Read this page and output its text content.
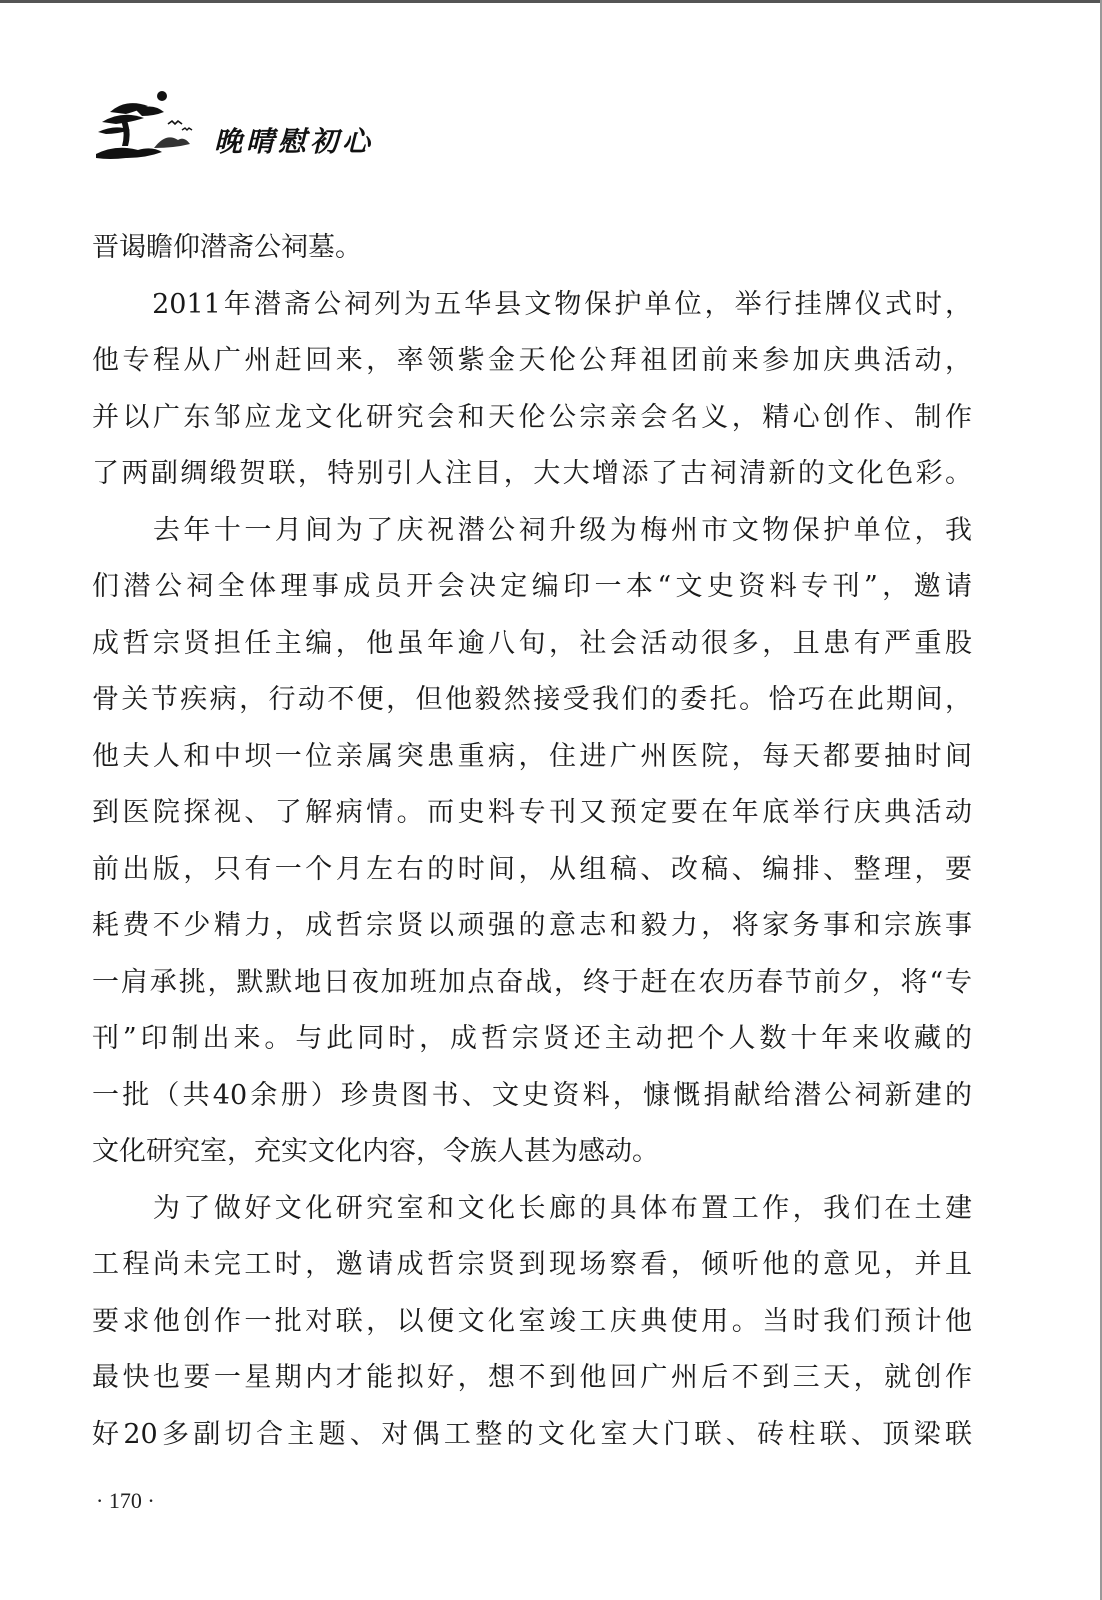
晚晴慰初心
晋谒瞻仰潜斋公祠墓。
　　2011年潜斋公祠列为五华县文物保护单位，举行挂牌仪式时，
他专程从广州赶回来，率领紫金天伦公拜祖团前来参加庆典活动，
并以广东邹应龙文化研究会和天伦公宗亲会名义，精心创作、制作
了两副绸缎贺联，特别引人注目，大大增添了古祠清新的文化色彩。
　　去年十一月间为了庆祝潜公祠升级为梅州市文物保护单位，我
们潜公祠全体理事成员开会决定编印一本“文史资料专刊”，邀请
成哲宗贤担任主编，他虽年逾八旬，社会活动很多，且患有严重股
骨关节疾病，行动不便，但他毅然接受我们的委托。恰巧在此期间，
他夫人和中坝一位亲属突患重病，住进广州医院，每天都要抽时间
到医院探视、了解病情。而史料专刊又预定要在年底举行庆典活动
前出版，只有一个月左右的时间，从组稿、改稿、编排、整理，要
耗费不少精力，成哲宗贤以顽强的意志和毅力，将家务事和宗族事
一肩承挑，默默地日夜加班加点奋战，终于赶在农历春节前夕，将“专
刊”印制出来。与此同时，成哲宗贤还主动把个人数十年来收藏的
一批（共40余册）珍贵图书、文史资料，慷慨捐献给潜公祠新建的
文化研究室，充实文化内容，令族人甚为感动。
　　为了做好文化研究室和文化长廊的具体布置工作，我们在土建
工程尚未完工时，邀请成哲宗贤到现场察看，倾听他的意见，并且
要求他创作一批对联，以便文化室竣工庆典使用。当时我们预计他
最快也要一星期内才能拟好，想不到他回广州后不到三天，就创作
好20多副切合主题、对偶工整的文化室大门联、砖柱联、顶梁联
· 170 ·
